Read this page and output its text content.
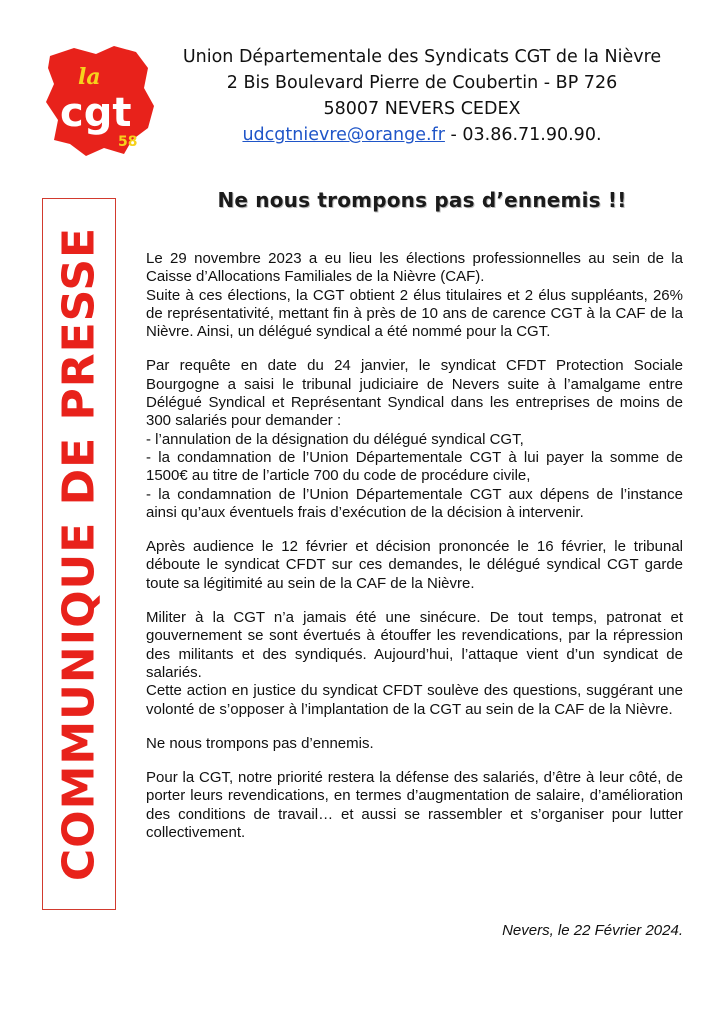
la
cgt
58
Union Départementale des Syndicats CGT de la Nièvre
2 Bis Boulevard Pierre de Coubertin - BP 726
58007 NEVERS CEDEX
udcgtnievre@orange.fr - 03.86.71.90.90.
Ne nous trompons pas d’ennemis !!
COMMUNIQUE DE PRESSE	Le 29 novembre 2023 a eu lieu les élections professionnelles au sein de la Caisse d’Allocations Familiales de la Nièvre (CAF).
Suite à ces élections, la CGT obtient 2 élus titulaires et 2 élus suppléants, 26% de représentativité, mettant fin à près de 10 ans de carence CGT à la CAF de la Nièvre. Ainsi, un délégué syndical a été nommé pour la CGT.

Par requête en date du 24 janvier, le syndicat CFDT Protection Sociale Bourgogne a saisi le tribunal judiciaire de Nevers suite à l’amalgame entre Délégué Syndical et Représentant Syndical dans les entreprises de moins de 300 salariés pour demander :
- l’annulation de la désignation du délégué syndical CGT,
- la condamnation de l’Union Départementale CGT à lui payer la somme de 1500€ au titre de l’article 700 du code de procédure civile,
- la condamnation de l’Union Départementale CGT aux dépens de l’instance ainsi qu’aux éventuels frais d’exécution de la décision à intervenir.

Après audience le 12 février et décision prononcée le 16 février, le tribunal déboute le syndicat CFDT sur ces demandes, le délégué syndical CGT garde toute sa légitimité au sein de la CAF de la Nièvre.

Militer à la CGT n’a jamais été une sinécure. De tout temps, patronat et gouvernement se sont évertués à étouffer les revendications, par la répression des militants et des syndiqués. Aujourd’hui, l’attaque vient d’un syndicat de salariés.
Cette action en justice du syndicat CFDT soulève des questions, suggérant une volonté de s’opposer à l’implantation de la CGT au sein de la CAF de la Nièvre.

Ne nous trompons pas d’ennemis.

Pour la CGT, notre priorité restera la défense des salariés, d’être à leur côté, de porter leurs revendications, en termes d’augmentation de salaire, d’amélioration des conditions de travail… et aussi se rassembler et s’organiser pour lutter collectivement.

Nevers, le 22 Février 2024.
